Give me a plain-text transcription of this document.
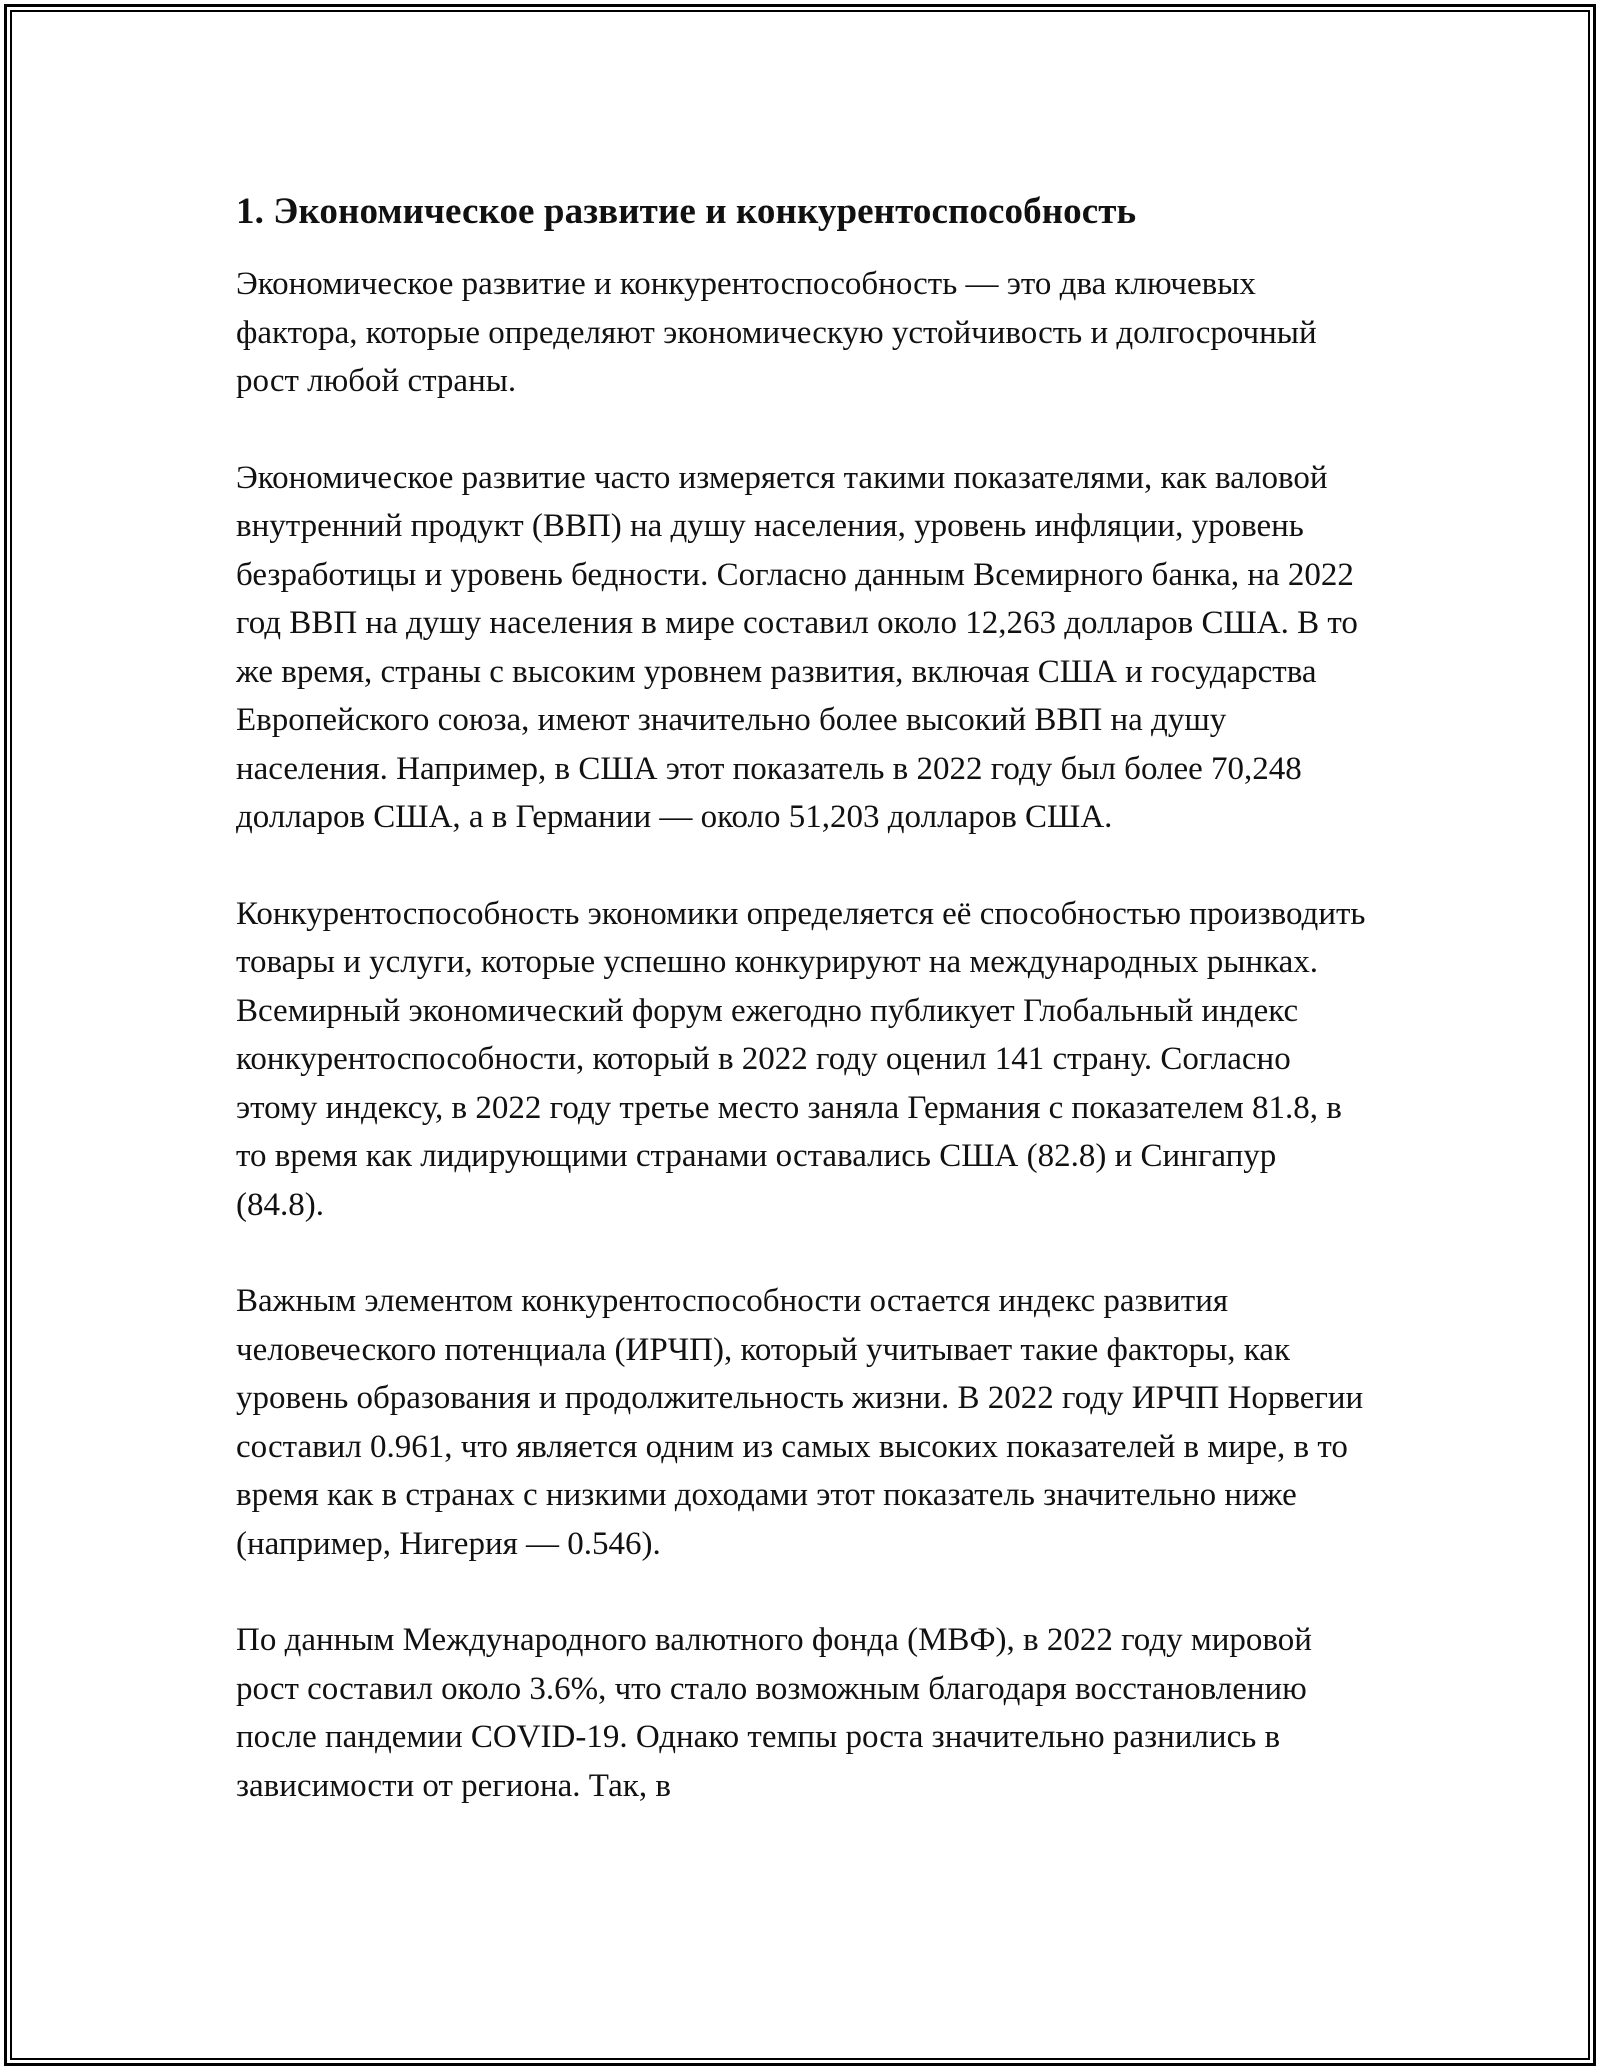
1. Экономическое развитие и конкурентоспособность

Экономическое развитие и конкурентоспособность — это два ключевых фактора, которые определяют экономическую устойчивость и долгосрочный рост любой страны.

Экономическое развитие часто измеряется такими показателями, как валовой внутренний продукт (ВВП) на душу населения, уровень инфляции, уровень безработицы и уровень бедности. Согласно данным Всемирного банка, на 2022 год ВВП на душу населения в мире составил около 12,263 долларов США. В то же время, страны с высоким уровнем развития, включая США и государства Европейского союза, имеют значительно более высокий ВВП на душу населения. Например, в США этот показатель в 2022 году был более 70,248 долларов США, а в Германии — около 51,203 долларов США.

Конкурентоспособность экономики определяется её способностью производить товары и услуги, которые успешно конкурируют на международных рынках. Всемирный экономический форум ежегодно публикует Глобальный индекс конкурентоспособности, который в 2022 году оценил 141 страну. Согласно этому индексу, в 2022 году третье место заняла Германия с показателем 81.8, в то время как лидирующими странами оставались США (82.8) и Сингапур (84.8).

Важным элементом конкурентоспособности остается индекс развития человеческого потенциала (ИРЧП), который учитывает такие факторы, как уровень образования и продолжительность жизни. В 2022 году ИРЧП Норвегии составил 0.961, что является одним из самых высоких показателей в мире, в то время как в странах с низкими доходами этот показатель значительно ниже (например, Нигерия — 0.546).

По данным Международного валютного фонда (МВФ), в 2022 году мировой рост составил около 3.6%, что стало возможным благодаря восстановлению после пандемии COVID-19. Однако темпы роста значительно разнились в зависимости от региона. Так, в
